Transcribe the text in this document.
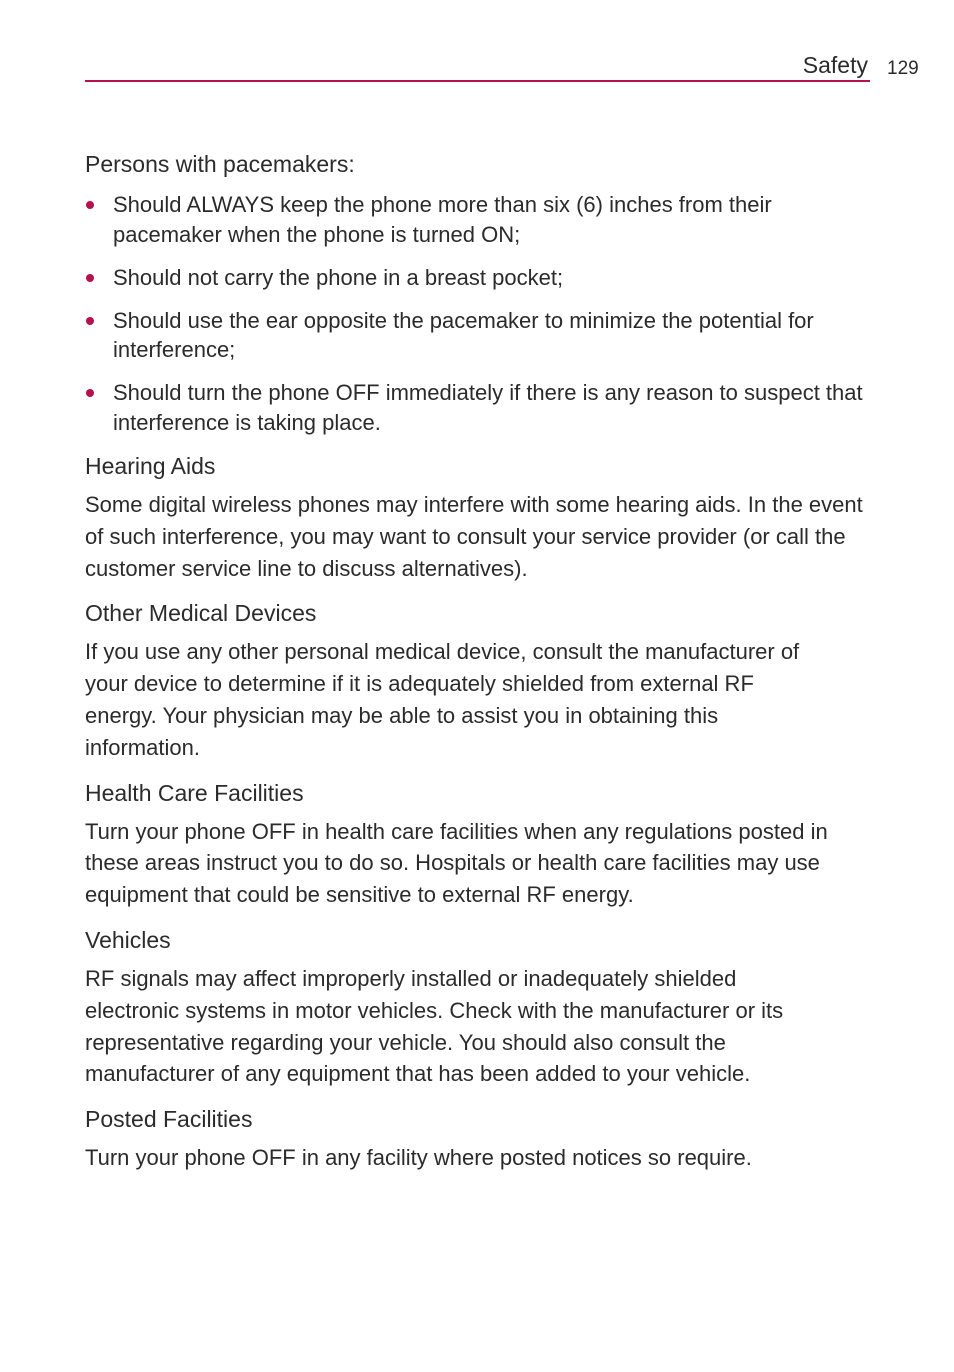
Safety 129
Persons with pacemakers:
Should ALWAYS keep the phone more than six (6) inches from their pacemaker when the phone is turned ON;
Should not carry the phone in a breast pocket;
Should use the ear opposite the pacemaker to minimize the potential for interference;
Should turn the phone OFF immediately if there is any reason to suspect that interference is taking place.
Hearing Aids

Some digital wireless phones may interfere with some hearing aids. In the event of such interference, you may want to consult your service provider (or call the customer service line to discuss alternatives).

Other Medical Devices

If you use any other personal medical device, consult the manufacturer of your device to determine if it is adequately shielded from external RF energy. Your physician may be able to assist you in obtaining this information.

Health Care Facilities

Turn your phone OFF in health care facilities when any regulations posted in these areas instruct you to do so. Hospitals or health care facilities may use equipment that could be sensitive to external RF energy.

Vehicles

RF signals may affect improperly installed or inadequately shielded electronic systems in motor vehicles. Check with the manufacturer or its representative regarding your vehicle. You should also consult the manufacturer of any equipment that has been added to your vehicle.

Posted Facilities

Turn your phone OFF in any facility where posted notices so require.
